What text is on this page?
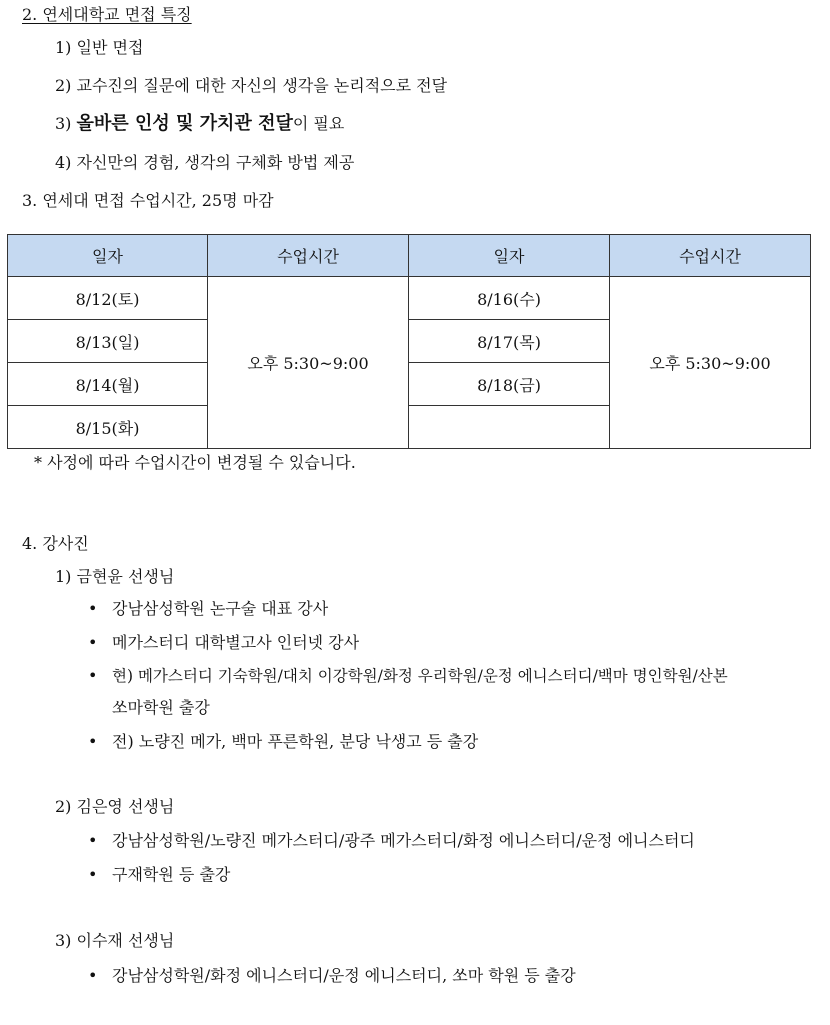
2. 연세대학교 면접 특징
1) 일반 면접
2) 교수진의 질문에 대한 자신의 생각을 논리적으로 전달
3) 올바른 인성 및 가치관 전달이 필요
4) 자신만의 경험, 생각의 구체화 방법 제공
3. 연세대 면접 수업시간, 25명 마감
일자	수업시간	일자	수업시간
8/12(토)	오후 5:30~9:00	8/16(수)	오후 5:30~9:00
8/13(일)		8/17(목)	
8/14(월)		8/18(금)	
8/15(화)			
* 사정에 따라 수업시간이 변경될 수 있습니다.
4. 강사진
1) 금현윤 선생님
• 강남삼성학원 논구술 대표 강사
• 메가스터디 대학별고사 인터넷 강사
• 현) 메가스터디 기숙학원/대치 이강학원/화정 우리학원/운정 에니스터디/백마 명인학원/산본
쏘마학원 출강
• 전) 노량진 메가, 백마 푸른학원, 분당 낙생고 등 출강
2) 김은영 선생님
• 강남삼성학원/노량진 메가스터디/광주 메가스터디/화정 에니스터디/운정 에니스터디
• 구재학원 등 출강
3) 이수재 선생님
• 강남삼성학원/화정 에니스터디/운정 에니스터디, 쏘마 학원 등 출강
